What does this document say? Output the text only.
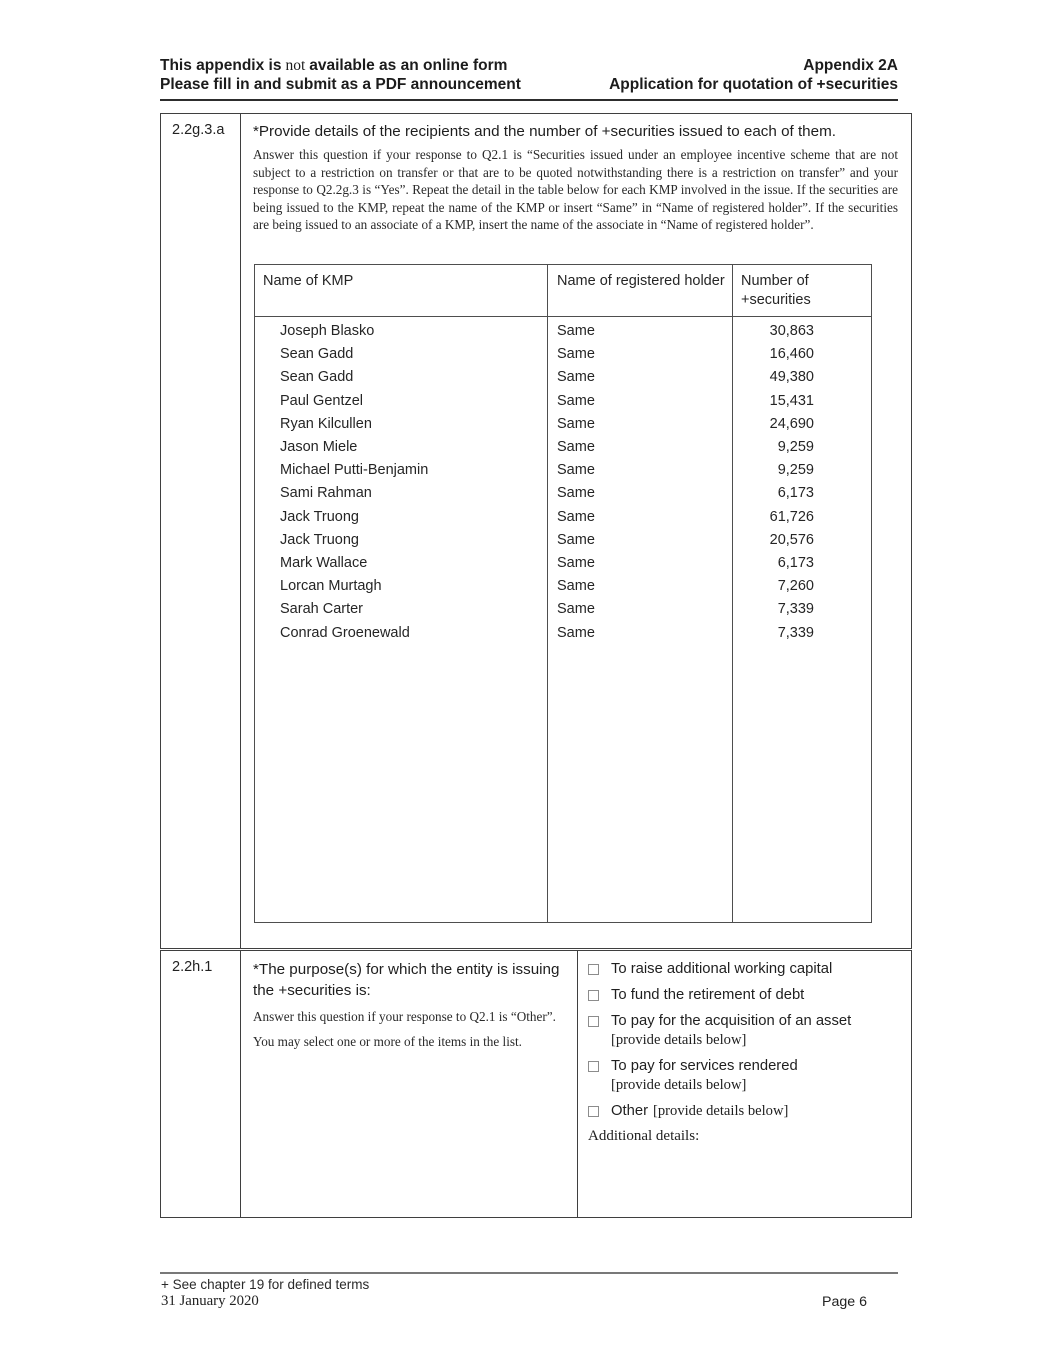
This appendix is not available as an online form
Please fill in and submit as a PDF announcement
Appendix 2A
Application for quotation of +securities
2.2g.3.a	*Provide details of the recipients and the number of +securities issued to each of them.
Answer this question if your response to Q2.1 is “Securities issued under an employee incentive scheme that are not subject to a restriction on transfer or that are to be quoted notwithstanding there is a restriction on transfer” and your response to Q2.2g.3 is “Yes”. Repeat the detail in the table below for each KMP involved in the issue. If the securities are being issued to the KMP, repeat the name of the KMP or insert “Same” in “Name of registered holder”. If the securities are being issued to an associate of a KMP, insert the name of the associate in “Name of registered holder”.
Name of KMP	Name of registered holder	Number of +securities
Joseph Blasko	Same	30,863
Sean Gadd	Same	16,460
Sean Gadd	Same	49,380
Paul Gentzel	Same	15,431
Ryan Kilcullen	Same	24,690
Jason Miele	Same	9,259
Michael Putti-Benjamin	Same	9,259
Sami Rahman	Same	6,173
Jack Truong	Same	61,726
Jack Truong	Same	20,576
Mark Wallace	Same	6,173
Lorcan Murtagh	Same	7,260
Sarah Carter	Same	7,339
Conrad Groenewald	Same	7,339

2.2h.1	*The purpose(s) for which the entity is issuing the +securities is:
Answer this question if your response to Q2.1 is “Other”.
You may select one or more of the items in the list.
To raise additional working capital
To fund the retirement of debt
To pay for the acquisition of an asset
[provide details below]
To pay for services rendered
[provide details below]
Other [provide details below]
Additional details:
+ See chapter 19 for defined terms
31 January 2020	Page 6
